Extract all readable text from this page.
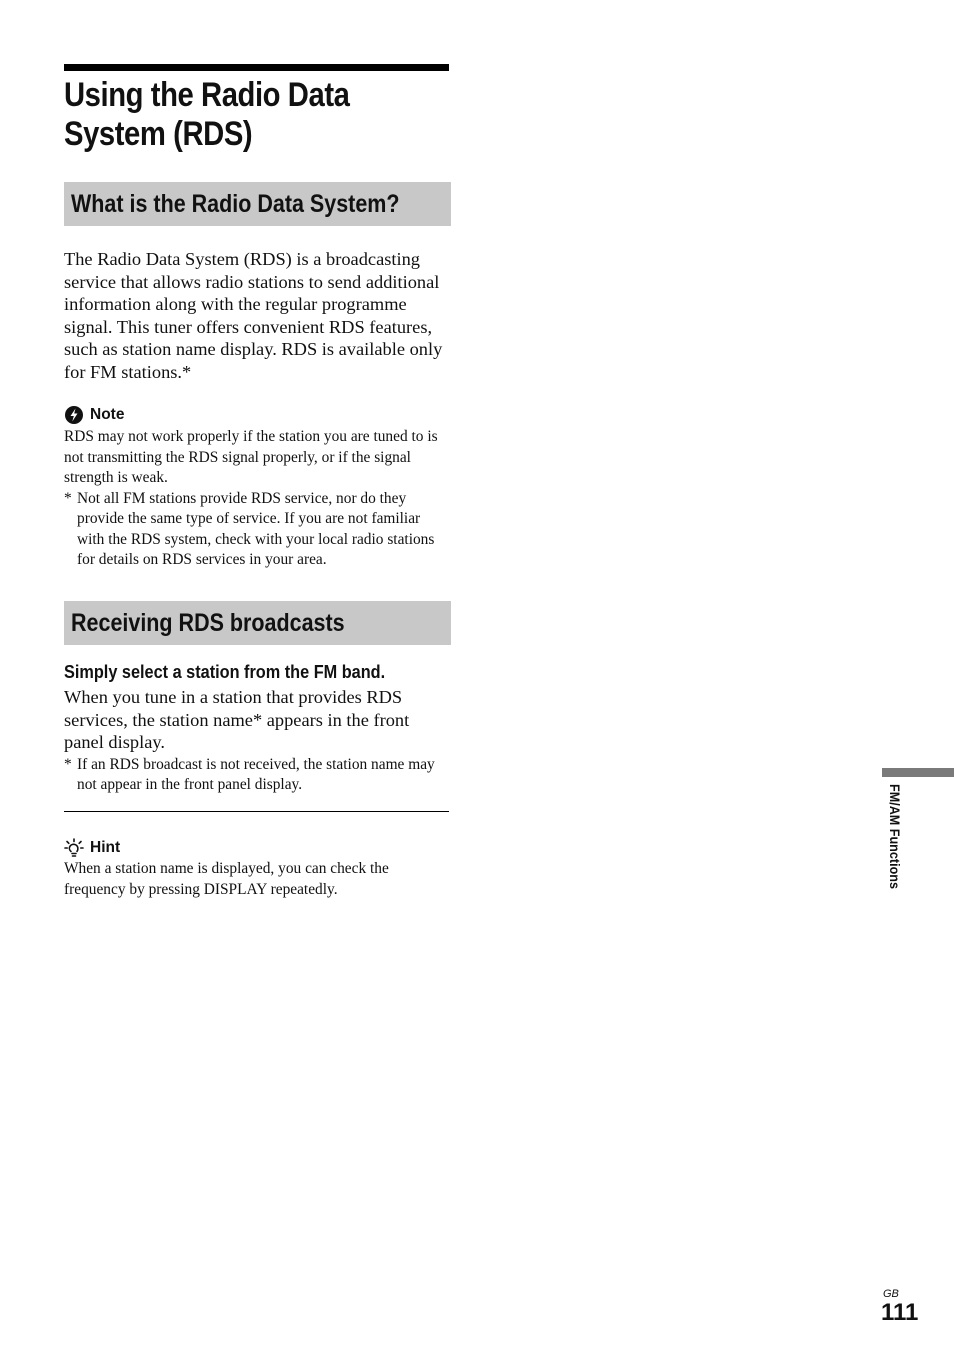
Using the Radio Data
System (RDS)
What is the Radio Data System?

The Radio Data System (RDS) is a broadcasting service that allows radio stations to send additional information along with the regular programme signal. This tuner offers convenient RDS features, such as station name display. RDS is available only for FM stations.*

Note

RDS may not work properly if the station you are tuned to is not transmitting the RDS signal properly, or if the signal strength is weak.

* Not all FM stations provide RDS service, nor do they provide the same type of service. If you are not familiar with the RDS system, check with your local radio stations for details on RDS services in your area.

Receiving RDS broadcasts
Simply select a station from the FM band.

When you tune in a station that provides RDS services, the station name* appears in the front panel display.

* If an RDS broadcast is not received, the station name may not appear in the front panel display.

Hint

When a station name is displayed, you can check the frequency by pressing DISPLAY repeatedly.

FM/AM Functions
GB
111
